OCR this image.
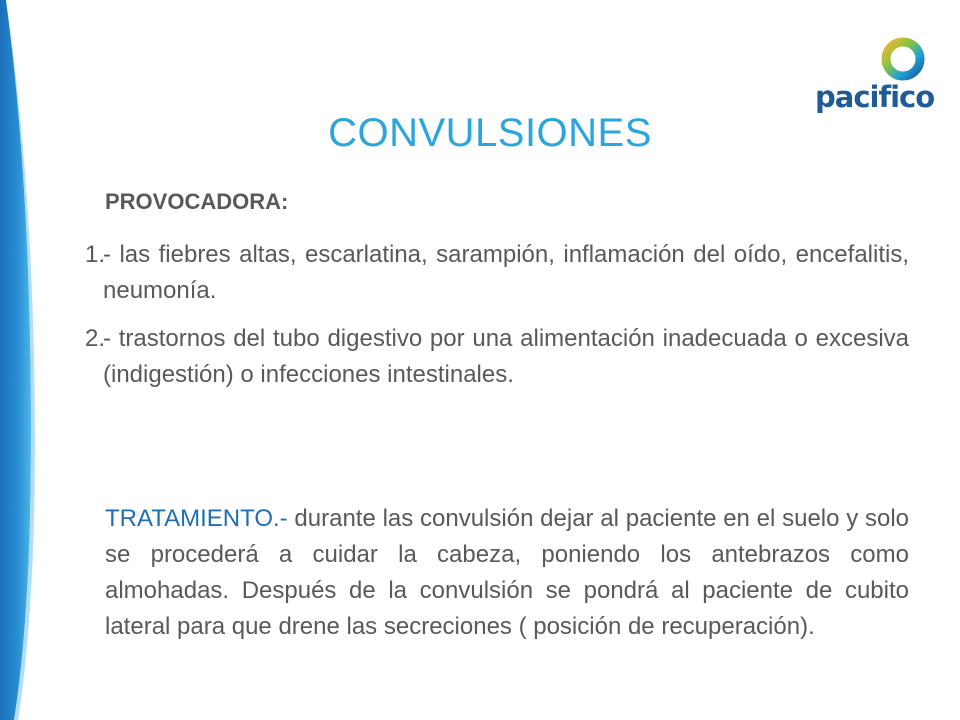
pacifico
CONVULSIONES
PROVOCADORA:
1.
- las fiebres altas, escarlatina, sarampión, inflamación del oído, encefalitis, neumonía.
2.
- trastornos del tubo digestivo por una alimentación inadecuada o excesiva (indigestión) o infecciones intestinales.
TRATAMIENTO.- durante las convulsión dejar al paciente en el suelo y solo se procederá a cuidar la cabeza, poniendo los antebrazos como almohadas. Después de la convulsión se pondrá al paciente de cubito lateral para que drene las secreciones ( posición de recuperación).
